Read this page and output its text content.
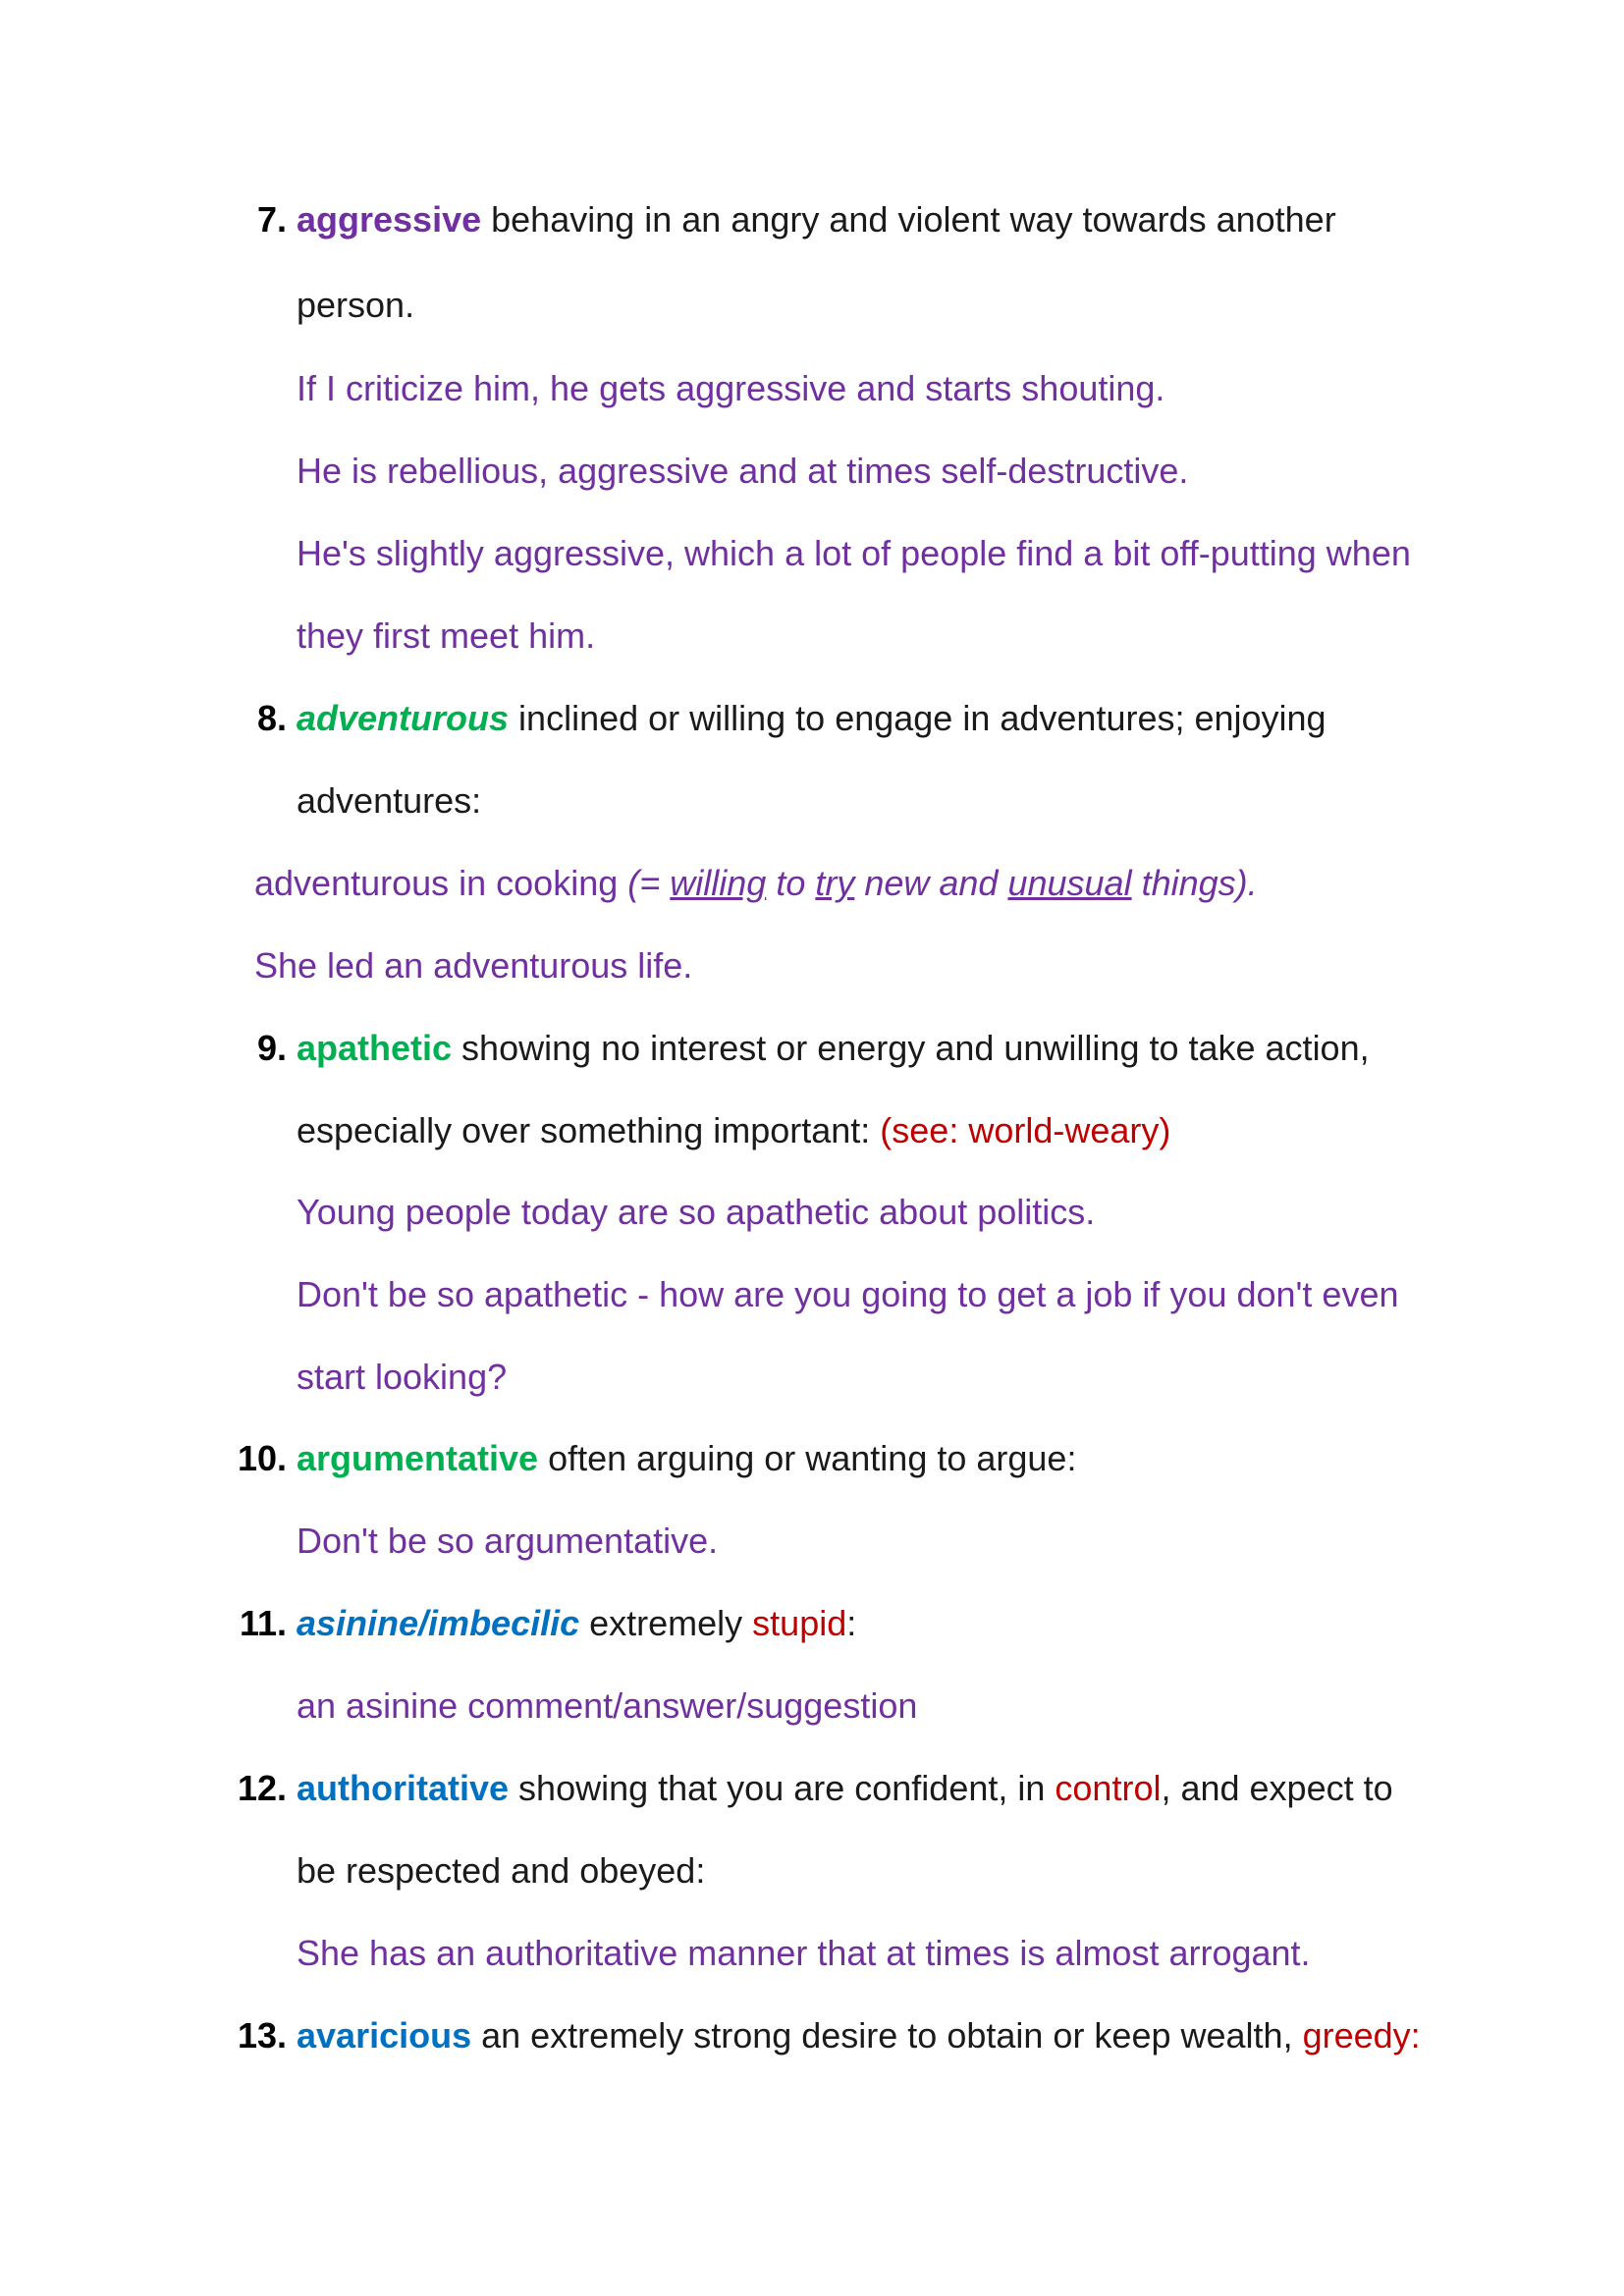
7. aggressive behaving in an angry and violent way towards another
person.
If I criticize him, he gets aggressive and starts shouting.
He is rebellious, aggressive and at times self-destructive.
He's slightly aggressive, which a lot of people find a bit off-putting when
they first meet him.
8. adventurous inclined or willing to engage in adventures; enjoying
adventures:
adventurous in cooking (= willing to try new and unusual things).
She led an adventurous life.
9. apathetic showing no interest or energy and unwilling to take action,
especially over something important: (see: world-weary)
Young people today are so apathetic about politics.
Don't be so apathetic - how are you going to get a job if you don't even
start looking?
10. argumentative often arguing or wanting to argue:
Don't be so argumentative.
11. asinine/imbecilic extremely stupid:
an asinine comment/answer/suggestion
12. authoritative showing that you are confident, in control, and expect to
be respected and obeyed:
She has an authoritative manner that at times is almost arrogant.
13. avaricious an extremely strong desire to obtain or keep wealth, greedy:
